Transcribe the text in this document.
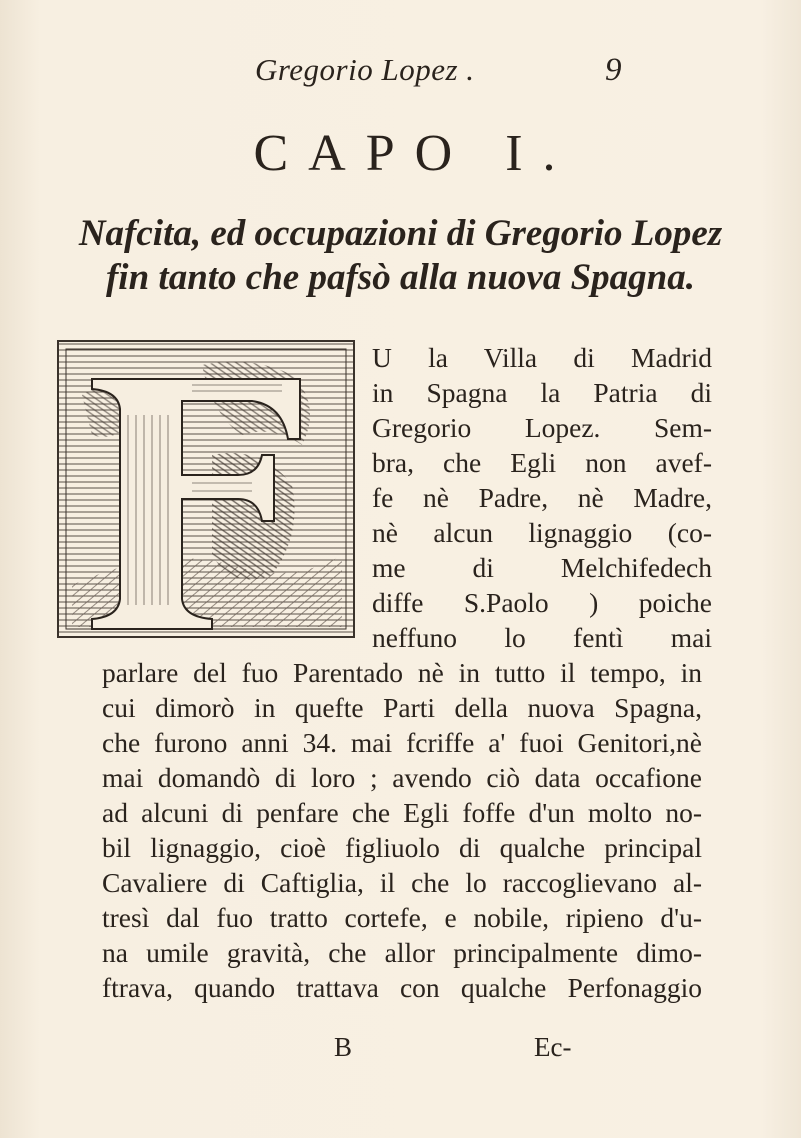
Gregorio Lopez .	9
CAPO I.
Nafcita, ed occupazioni di Gregorio Lopez
fin tanto che pafsò alla nuova Spagna.
U la Villa di Madrid
in Spagna la Patria di
Gregorio Lopez. Sem-
bra, che Egli non avef-
fe nè Padre, nè Madre,
nè alcun lignaggio (co-
me di Melchifedech
diffe S.Paolo ) poiche
neffuno lo fentì mai
parlare del fuo Parentado nè in tutto il tempo, in
cui dimorò in quefte Parti della nuova Spagna,
che furono anni 34. mai fcriffe a' fuoi Genitori,nè
mai domandò di loro ; avendo ciò data occafione
ad alcuni di penfare che Egli foffe d'un molto no-
bil lignaggio, cioè figliuolo di qualche principal
Cavaliere di Caftiglia, il che lo raccoglievano al-
tresì dal fuo tratto cortefe, e nobile, ripieno d'u-
na umile gravità, che allor principalmente dimo-
ftrava, quando trattava con qualche Perfonaggio
B	Ec-
